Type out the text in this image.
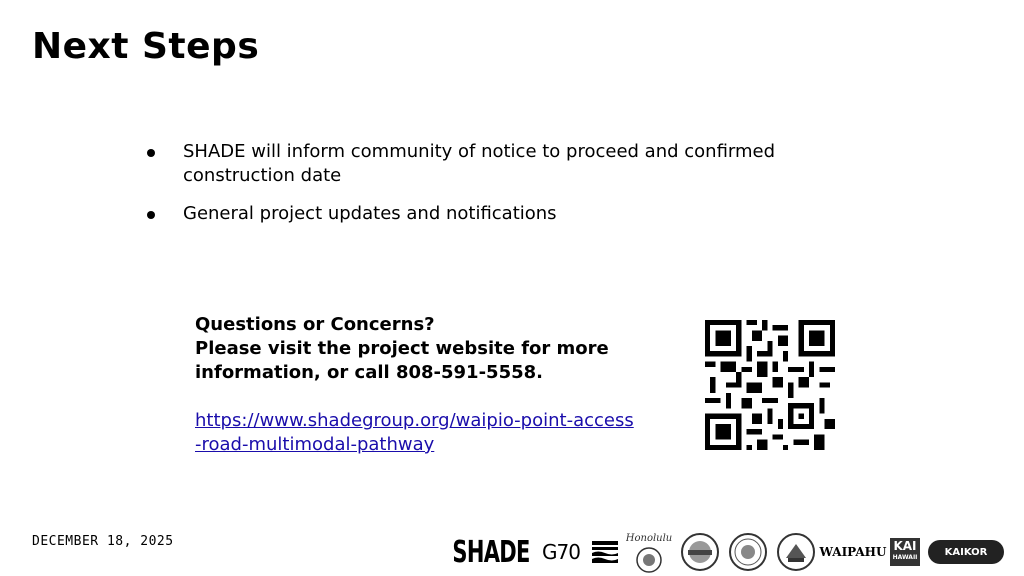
Next Steps
SHADE will inform community of notice to proceed and confirmed construction date
General project updates and notifications
Questions or Concerns?
Please visit the project website for more information, or call 808-591-5558.
https://www.shadegroup.org/waipio-point-access
-road-multimodal-pathway
DECEMBER 18, 2025	SHADE G70
Honolulu
WAIPAHU KAI
HAWAII	KAIKOR
